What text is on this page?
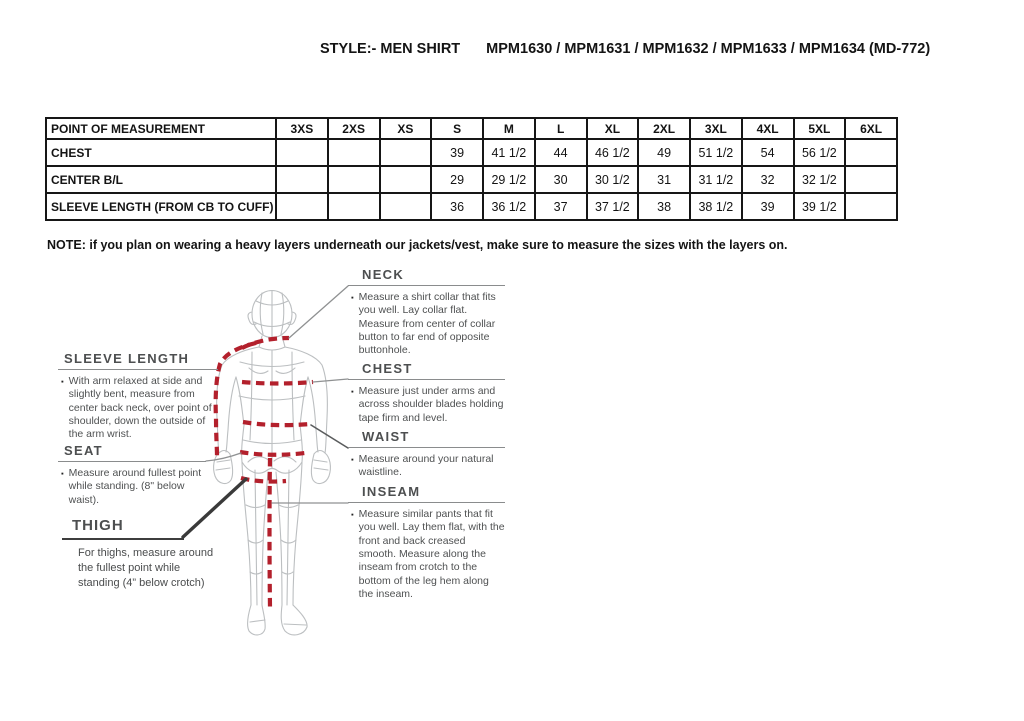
STYLE:- MEN SHIRT MPM1630 / MPM1631 / MPM1632 / MPM1633 / MPM1634 (MD-772)
POINT OF MEASUREMENT	3XS	2XS	XS	S	M	L	XL	2XL	3XL	4XL	5XL	6XL
CHEST				39	41 1/2	44	46 1/2	49	51 1/2	54	56 1/2	
CENTER B/L				29	29 1/2	30	30 1/2	31	31 1/2	32	32 1/2	
SLEEVE LENGTH (FROM CB TO CUFF)				36	36 1/2	37	37 1/2	38	38 1/2	39	39 1/2	
NOTE: if you plan on wearing a heavy layers underneath our jackets/vest, make sure to measure the sizes with the layers on.
SLEEVE LENGTH
▪ With arm relaxed at side and slightly bent, measure from center back neck, over point of shoulder, down the outside of the arm wrist.
SEAT
▪ Measure around fullest point while standing. (8" below waist).
THIGH
For thighs, measure around the fullest point while standing (4” below crotch)
NECK
▪ Measure a shirt collar that fits you well. Lay collar flat. Measure from center of collar button to far end of opposite buttonhole.
CHEST
▪ Measure just under arms and across shoulder blades holding tape firm and level.
WAIST
▪ Measure around your natural waistline.
INSEAM
▪ Measure similar pants that fit you well. Lay them flat, with the front and back creased smooth. Measure along the inseam from crotch to the bottom of the leg hem along the inseam.
